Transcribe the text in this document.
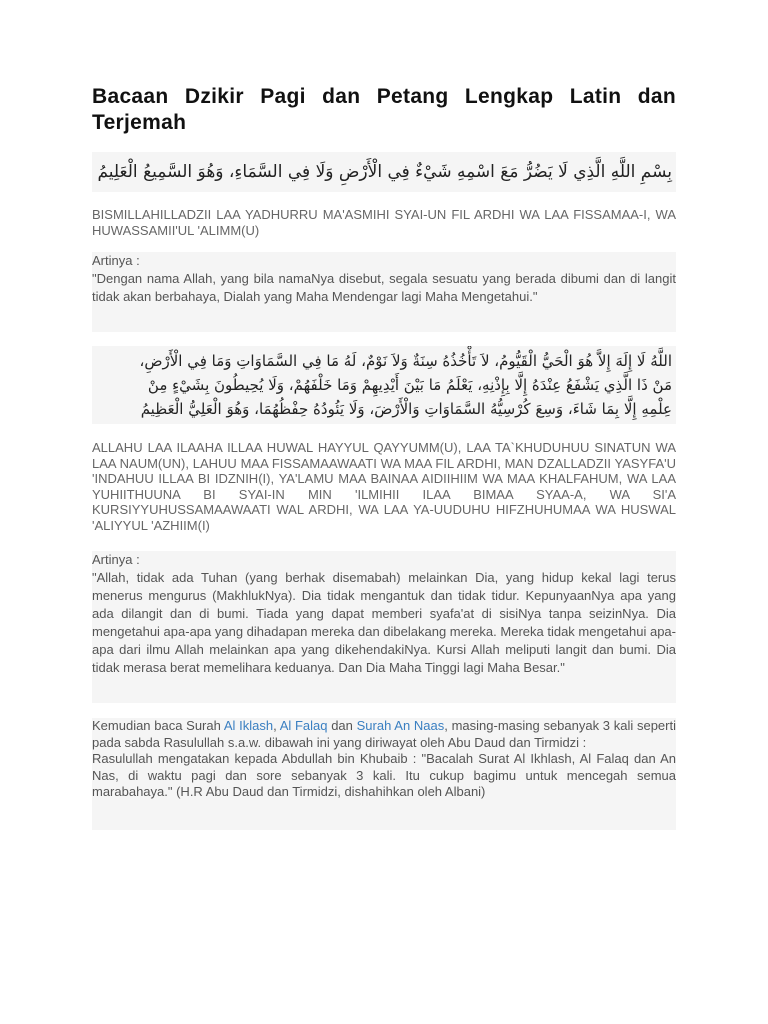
Bacaan Dzikir Pagi dan Petang Lengkap Latin dan Terjemah
بِسْمِ اللَّهِ الَّذِي لَا يَضُرُّ مَعَ اسْمِهِ شَيْءٌ فِي الْأَرْضِ وَلَا فِي السَّمَاءِ، وَهُوَ السَّمِيعُ الْعَلِيمُ

BISMILLAHILLADZII LAA YADHURRU MA'ASMIHI SYAI-UN FIL ARDHI WA LAA FISSAMAA-I, WA HUWASSAMII'UL 'ALIMM(U)

Artinya :

"Dengan nama Allah, yang bila namaNya disebut, segala sesuatu yang berada dibumi dan di langit tidak akan berbahaya, Dialah yang Maha Mendengar lagi Maha Mengetahui."

اللَّهُ لَا إِلَهَ إِلاَّ هُوَ الْحَيُّ الْقَيُّومُ، لاَ تَأْخُذُهُ سِنَةٌ وَلاَ نَوْمٌ، لَهُ مَا فِي السَّمَاوَاتِ وَمَا فِي الْأَرْضِ،
مَنْ ذَا الَّذِي يَشْفَعُ عِنْدَهُ إِلَّا بِإِذْنِهِ، يَعْلَمُ مَا بَيْنَ أَيْدِيهِمْ وَمَا خَلْفَهُمْ، وَلَا يُحِيطُونَ بِشَيْءٍ مِنْ
عِلْمِهِ إِلَّا بِمَا شَاءَ، وَسِعَ كُرْسِيُّهُ السَّمَاوَاتِ وَالْأَرْضَ، وَلَا يَئُودُهُ حِفْظُهُمَا، وَهُوَ الْعَلِيُّ الْعَظِيمُ

ALLAHU LAA ILAAHA ILLAA HUWAL HAYYUL QAYYUMM(U), LAA TA`KHUDUHUU SINATUN WA LAA NAUM(UN), LAHUU MAA FISSAMAAWAATI WA MAA FIL ARDHI, MAN DZALLADZII YASYFA'U 'INDAHUU ILLAA BI IDZNIH(I), YA'LAMU MAA BAINAA AIDIIHIIM WA MAA KHALFAHUM, WA LAA YUHIITHUUNA BI SYAI-IN MIN 'ILMIHII ILAA BIMAA SYAA-A, WA SI'A KURSIYYUHUSSAMAAWAATI WAL ARDHI, WA LAA YA-UUDUHU HIFZHUHUMAA WA HUSWAL 'ALIYYUL 'AZHIIM(I)

Artinya :

"Allah, tidak ada Tuhan (yang berhak disemabah) melainkan Dia, yang hidup kekal lagi terus menerus mengurus (MakhlukNya). Dia tidak mengantuk dan tidak tidur. KepunyaanNya apa yang ada dilangit dan di bumi. Tiada yang dapat memberi syafa'at di sisiNya tanpa seizinNya. Dia mengetahui apa-apa yang dihadapan mereka dan dibelakang mereka. Mereka tidak mengetahui apa-apa dari ilmu Allah melainkan apa yang dikehendakiNya. Kursi Allah meliputi langit dan bumi. Dia tidak merasa berat memelihara keduanya. Dan Dia Maha Tinggi lagi Maha Besar."

Kemudian baca Surah Al Iklash, Al Falaq dan Surah An Naas, masing-masing sebanyak 3 kali seperti pada sabda Rasulullah s.a.w. dibawah ini yang diriwayat oleh Abu Daud dan Tirmidzi :

Rasulullah mengatakan kepada Abdullah bin Khubaib : "Bacalah Surat Al Ikhlash, Al Falaq dan An Nas, di waktu pagi dan sore sebanyak 3 kali. Itu cukup bagimu untuk mencegah semua marabahaya." (H.R Abu Daud dan Tirmidzi, dishahihkan oleh Albani)
